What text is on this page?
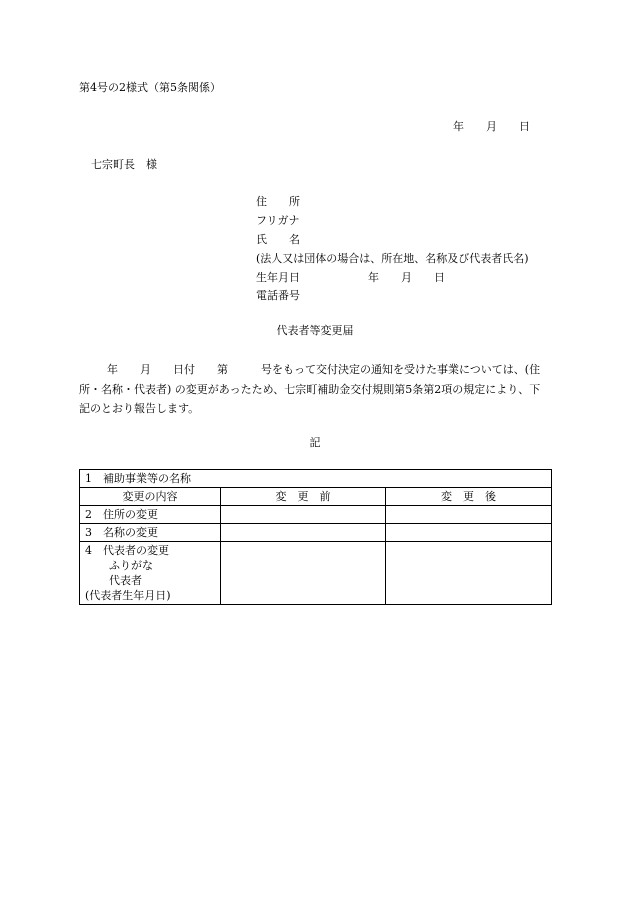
第4号の2様式（第5条関係）
年　　月　　日
七宗町長　様
住　　所
フリガナ
氏　　名
(法人又は団体の場合は、所在地、名称及び代表者氏名)
生年月日	年　　月　　日
電話番号
代表者等変更届
年　　月　　日付　　第　　　号をもって交付決定の通知を受けた事業については、(住所・名称・代表者) の変更があったため、七宗町補助金交付規則第5条第2項の規定により、下記のとおり報告します。
記
1　補助事業等の名称		
変更の内容	変　更　前	変　更　後
2　住所の変更		
3　名称の変更		

4　代表者の変更
ふりがな
代表者
(代表者生年月日)		
